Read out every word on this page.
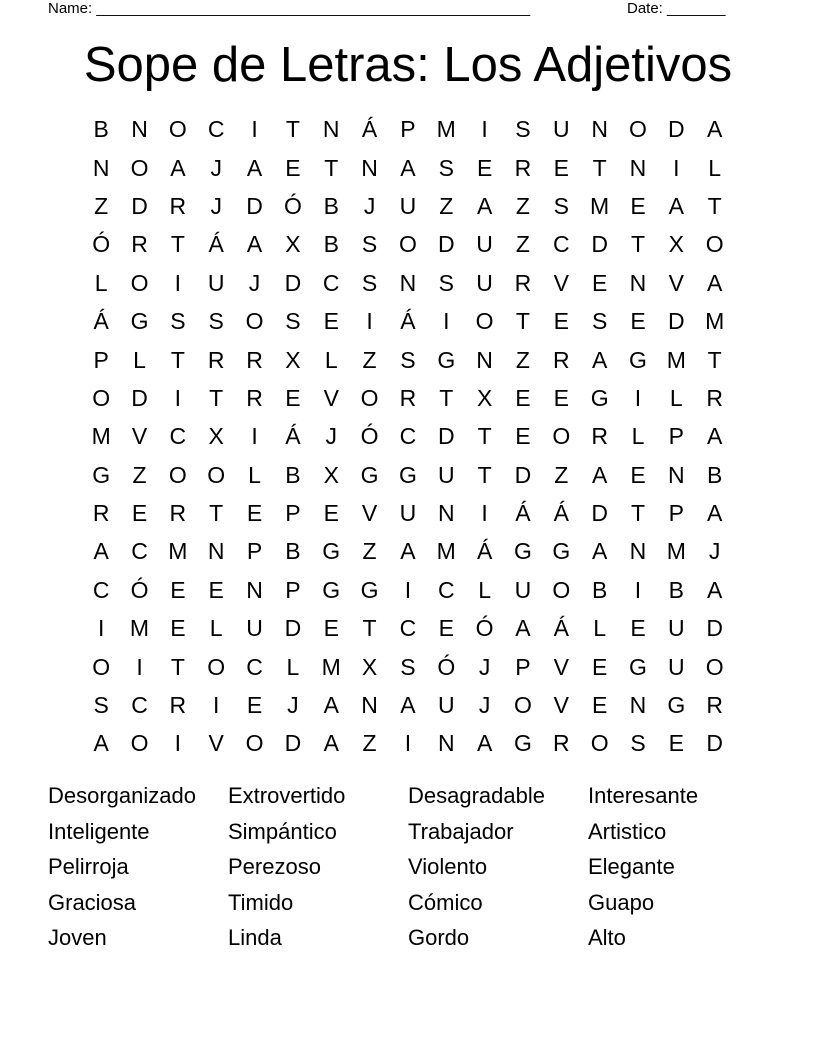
Name: ____________________________________________________	Date: _______
Sope de Letras: Los Adjetivos
B N O C	I	T	N Á	P M	I	S U N O D A
N O A	J	A	E	T	N A	S	E R E	T	N	I	L
Z	D R	J	D Ó B	J	U	Z	A	Z	S M E	A	T
Ó R	T	Á	A	X	B	S O D U	Z	C D	T	X O
L	O	I	U	J	D C S N S U R V	E N V	A
Á G S	S O S	E	I	Á	I	O T	E	S	E D M
P	L	T	R R X	L	Z	S G N	Z	R A G M T
O D	I	T	R E	V O R	T	X	E	E G	I	L	R
M V C X	I	Á	J	Ó C D	T	E O R	L	P	A
G Z O O	L	B	X G G U	T	D	Z	A	E N B
R E R	T	E	P	E	V U N	I	Á	Á D	T	P	A
A C M N P	B G Z	A M Á G G A N M	J
C Ó E	E N P G G	I	C	L	U O B	I	B	A
I	M E	L	U D E	T	C E Ó A	Á	L	E U D
O	I	T O C	L M X	S Ó	J	P	V	E G U O
S C R	I	E	J	A N A U	J	O V	E N G R
A O	I	V O D A	Z	I	N A G R O S	E D
Desorganizado	Extrovertido	Desagradable	Interesante
Inteligente	Simpántico	Trabajador	Artistico
Pelirroja	Perezoso	Violento	Elegante
Graciosa	Timido	Cómico	Guapo
Joven	Linda	Gordo	Alto
